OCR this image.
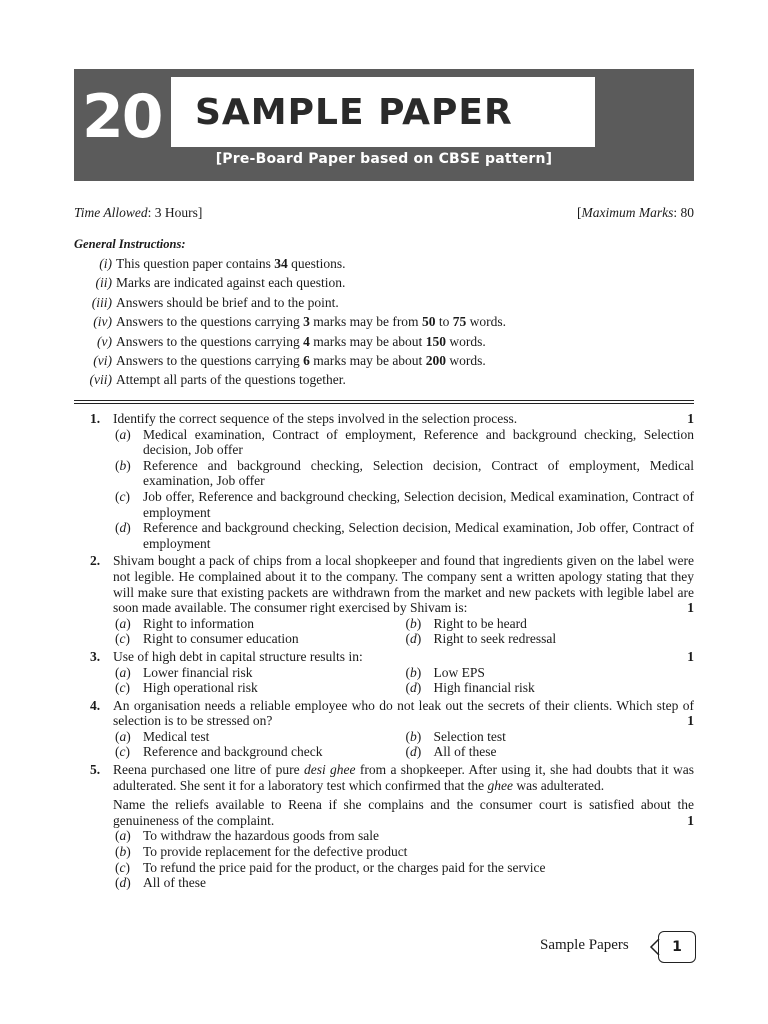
20 SAMPLE PAPER
[Pre-Board Paper based on CBSE pattern]
Time Allowed: 3 Hours]	[Maximum Marks: 80
General Instructions:
(i) This question paper contains 34 questions.
(ii) Marks are indicated against each question.
(iii) Answers should be brief and to the point.
(iv) Answers to the questions carrying 3 marks may be from 50 to 75 words.
(v) Answers to the questions carrying 4 marks may be about 150 words.
(vi) Answers to the questions carrying 6 marks may be about 200 words.
(vii) Attempt all parts of the questions together.
1. Identify the correct sequence of the steps involved in the selection process.	1
(a) Medical examination, Contract of employment, Reference and background checking, Selection decision, Job offer
(b) Reference and background checking, Selection decision, Contract of employment, Medical examination, Job offer
(c) Job offer, Reference and background checking, Selection decision, Medical examination, Contract of employment
(d) Reference and background checking, Selection decision, Medical examination, Job offer, Contract of employment
2. Shivam bought a pack of chips from a local shopkeeper and found that ingredients given on the label were not legible. He complained about it to the company. The company sent a written apology stating that they will make sure that existing packets are withdrawn from the market and new packets with legible label are soon made available. The consumer right exercised by Shivam is:	1
(a) Right to information	(b) Right to be heard
(c) Right to consumer education	(d) Right to seek redressal
3. Use of high debt in capital structure results in:	1
(a) Lower financial risk	(b) Low EPS
(c) High operational risk	(d) High financial risk
4. An organisation needs a reliable employee who do not leak out the secrets of their clients. Which step of selection is to be stressed on?	1
(a) Medical test	(b) Selection test
(c) Reference and background check	(d) All of these
5. Reena purchased one litre of pure desi ghee from a shopkeeper. After using it, she had doubts that it was adulterated. She sent it for a laboratory test which confirmed that the ghee was adulterated.
Name the reliefs available to Reena if she complains and the consumer court is satisfied about the genuineness of the complaint.	1
(a) To withdraw the hazardous goods from sale
(b) To provide replacement for the defective product
(c) To refund the price paid for the product, or the charges paid for the service
(d) All of these
Sample Papers	1
